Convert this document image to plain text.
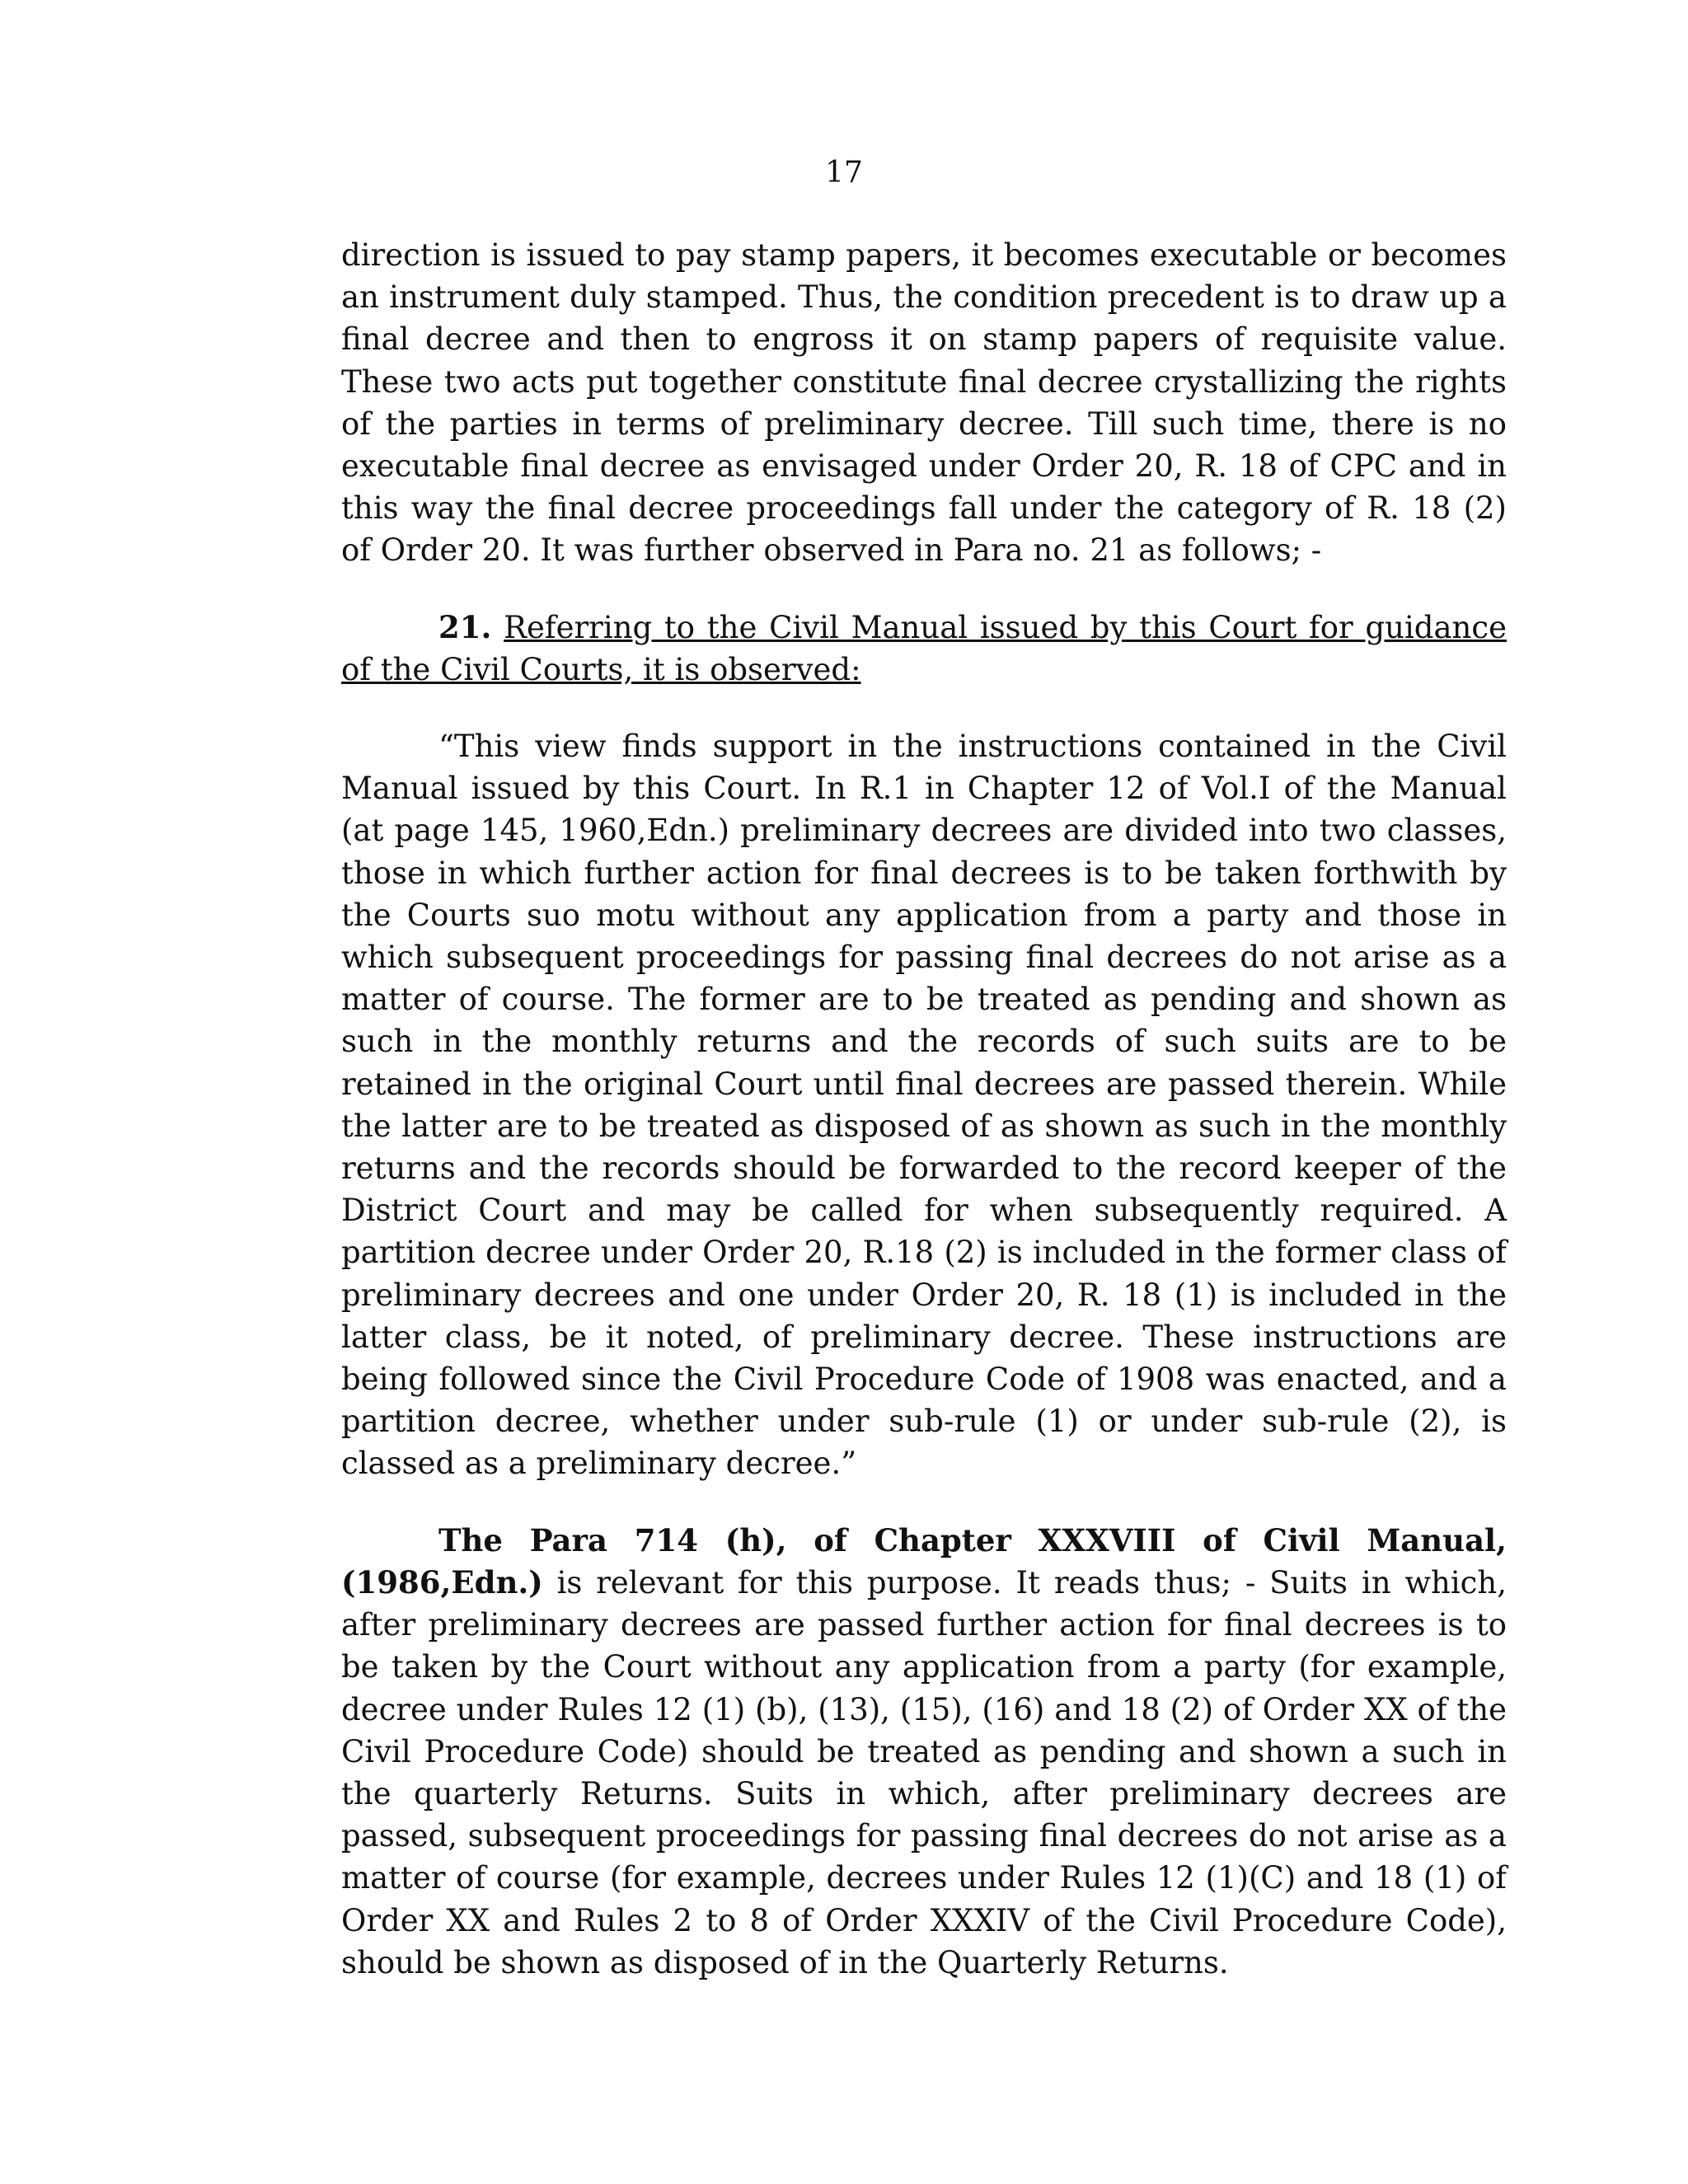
17

direction is issued to pay stamp papers, it becomes executable or becomes an instrument duly stamped. Thus, the condition precedent is to draw up a final decree and then to engross it on stamp papers of requisite value. These two acts put together constitute final decree crystallizing the rights of the parties in terms of preliminary decree. Till such time, there is no executable final decree as envisaged under Order 20, R. 18 of CPC and in this way the final decree proceedings fall under the category of R. 18 (2) of Order 20. It was further observed in Para no. 21 as follows; -

21. Referring to the Civil Manual issued by this Court for guidance of the Civil Courts, it is observed:

“This view finds support in the instructions contained in the Civil Manual issued by this Court. In R.1 in Chapter 12 of Vol.I of the Manual (at page 145, 1960,Edn.) preliminary decrees are divided into two classes, those in which further action for final decrees is to be taken forthwith by the Courts suo motu without any application from a party and those in which subsequent proceedings for passing final decrees do not arise as a matter of course. The former are to be treated as pending and shown as such in the monthly returns and the records of such suits are to be retained in the original Court until final decrees are passed therein. While the latter are to be treated as disposed of as shown as such in the monthly returns and the records should be forwarded to the record keeper of the District Court and may be called for when subsequently required. A partition decree under Order 20, R.18 (2) is included in the former class of preliminary decrees and one under Order 20, R. 18 (1) is included in the latter class, be it noted, of preliminary decree. These instructions are being followed since the Civil Procedure Code of 1908 was enacted, and a partition decree, whether under sub-rule (1) or under sub-rule (2), is classed as a preliminary decree.”

The Para 714 (h), of Chapter XXXVIII of Civil Manual, (1986,Edn.) is relevant for this purpose. It reads thus; - Suits in which, after preliminary decrees are passed further action for final decrees is to be taken by the Court without any application from a party (for example, decree under Rules 12 (1) (b), (13), (15), (16) and 18 (2) of Order XX of the Civil Procedure Code) should be treated as pending and shown a such in the quarterly Returns. Suits in which, after preliminary decrees are passed, subsequent proceedings for passing final decrees do not arise as a matter of course (for example, decrees under Rules 12 (1)(C) and 18 (1) of Order XX and Rules 2 to 8 of Order XXXIV of the Civil Procedure Code), should be shown as disposed of in the Quarterly Returns.
